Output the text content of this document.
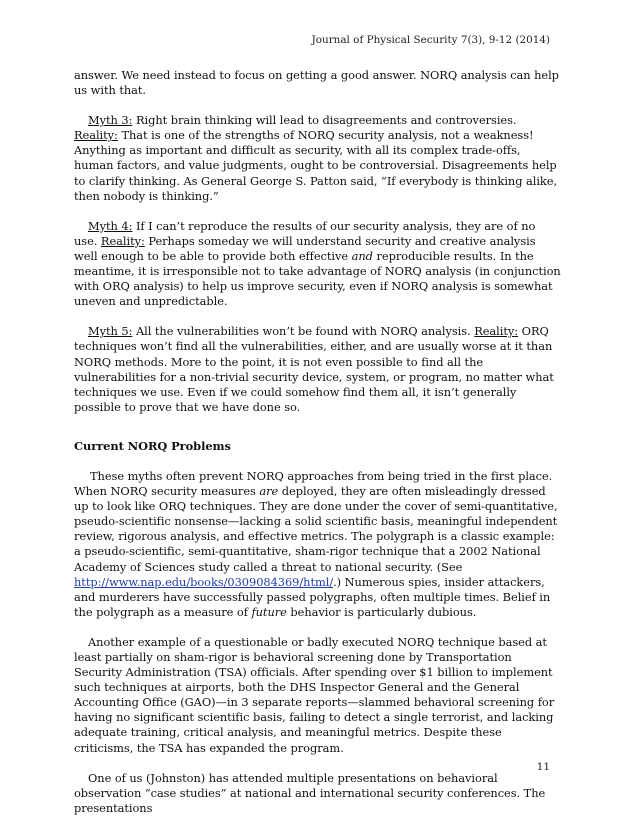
Journal of Physical Security 7(3), 9-12 (2014)

answer. We need instead to focus on getting a good answer. NORQ analysis can help us with that.

Myth 3: Right brain thinking will lead to disagreements and controversies. Reality: That is one of the strengths of NORQ security analysis, not a weakness! Anything as important and difficult as security, with all its complex trade-offs, human factors, and value judgments, ought to be controversial. Disagreements help to clarify thinking. As General George S. Patton said, “If everybody is thinking alike, then nobody is thinking.”

Myth 4: If I can’t reproduce the results of our security analysis, they are of no use. Reality: Perhaps someday we will understand security and creative analysis well enough to be able to provide both effective and reproducible results. In the meantime, it is irresponsible not to take advantage of NORQ analysis (in conjunction with ORQ analysis) to help us improve security, even if NORQ analysis is somewhat uneven and unpredictable.

Myth 5: All the vulnerabilities won’t be found with NORQ analysis. Reality: ORQ techniques won’t find all the vulnerabilities, either, and are usually worse at it than NORQ methods. More to the point, it is not even possible to find all the vulnerabilities for a non-trivial security device, system, or program, no matter what techniques we use. Even if we could somehow find them all, it isn’t generally possible to prove that we have done so.

Current NORQ Problems

These myths often prevent NORQ approaches from being tried in the first place. When NORQ security measures are deployed, they are often misleadingly dressed up to look like ORQ techniques. They are done under the cover of semi-quantitative, pseudo-scientific nonsense—lacking a solid scientific basis, meaningful independent review, rigorous analysis, and effective metrics. The polygraph is a classic example: a pseudo-scientific, semi-quantitative, sham-rigor technique that a 2002 National Academy of Sciences study called a threat to national security. (See http://www.nap.edu/books/0309084369/html/.) Numerous spies, insider attackers, and murderers have successfully passed polygraphs, often multiple times. Belief in the polygraph as a measure of future behavior is particularly dubious.

Another example of a questionable or badly executed NORQ technique based at least partially on sham-rigor is behavioral screening done by Transportation Security Administration (TSA) officials. After spending over $1 billion to implement such techniques at airports, both the DHS Inspector General and the General Accounting Office (GAO)—in 3 separate reports—slammed behavioral screening for having no significant scientific basis, failing to detect a single terrorist, and lacking adequate training, critical analysis, and meaningful metrics. Despite these criticisms, the TSA has expanded the program.

One of us (Johnston) has attended multiple presentations on behavioral observation “case studies” at national and international security conferences. The presentations

11
